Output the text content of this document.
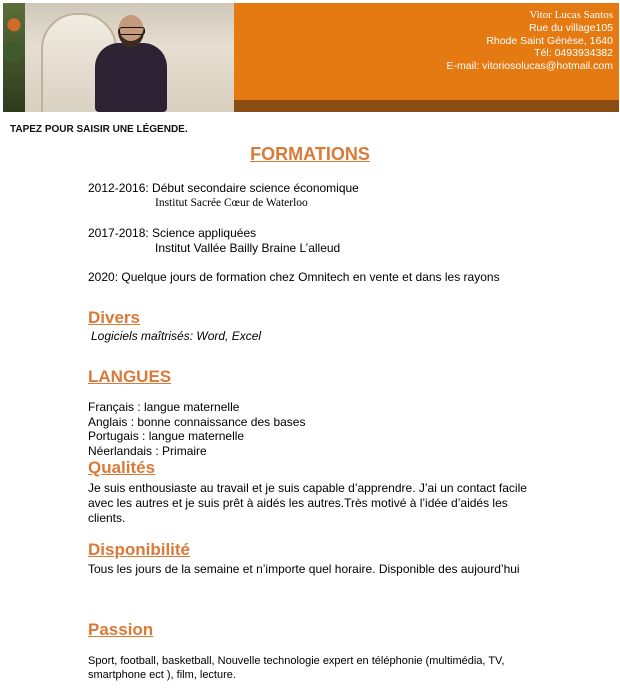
Vitor Lucas Santos
Rue du village105
Rhode Saint Génèse, 1640
Tél: 0493934382
E-mail: vitoriosolucas@hotmail.com
TAPEZ POUR SAISIR UNE LÉGENDE.
FORMATIONS
2012-2016: Début secondaire science économique
Institut Sacrée Cœur de Waterloo
2017-2018: Science appliquées
Institut Vallée Bailly Braine L’alleud
2020: Quelque jours de formation chez Omnitech en vente et dans les rayons
Divers
Logiciels maîtrisés: Word, Excel
LANGUES
Français : langue maternelle
Anglais : bonne connaissance des bases
Portugais : langue maternelle
Néerlandais : Primaire
Qualités
Je suis enthousiaste au travail et je suis capable d’apprendre. J’ai un contact facile avec les autres et je suis prêt à aidés les autres.Très motivé à l’idée d’aidés les clients.
Disponibilité
Tous les jours de la semaine et n’importe quel horaire. Disponible des aujourd’hui
Passion
Sport, football, basketball, Nouvelle technologie expert en téléphonie (multimédia, TV, smartphone ect ), film, lecture.
